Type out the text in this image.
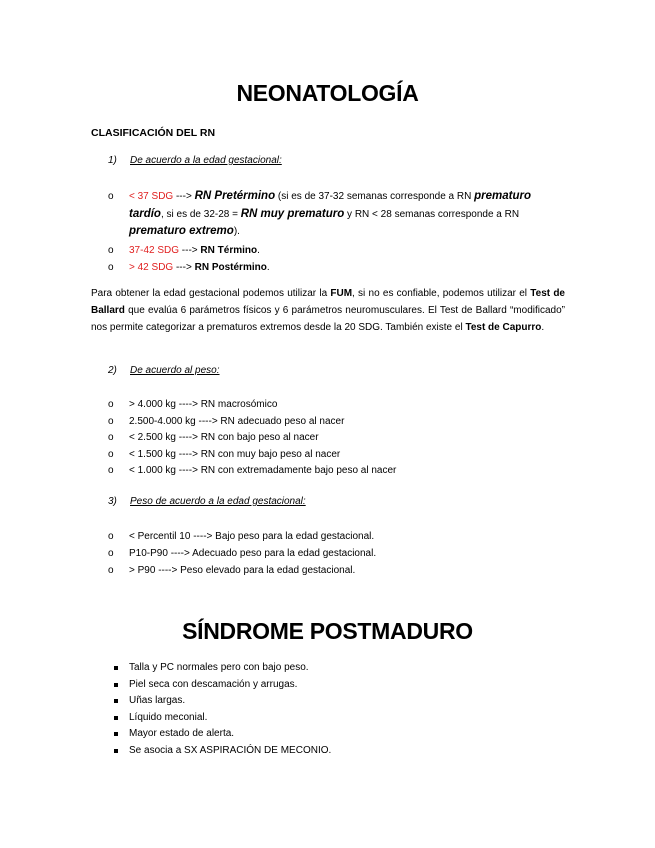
NEONATOLOGÍA
CLASIFICACIÓN DEL RN
1) De acuerdo a la edad gestacional:
o	< 37 SDG ---> RN Pretérmino (si es de 37-32 semanas corresponde a RN prematuro tardío, si es de 32-28 = RN muy prematuro y RN < 28 semanas corresponde a RN prematuro extremo).
o	37-42 SDG ---> RN Término.
o	> 42 SDG ---> RN Postérmino.

Para obtener la edad gestacional podemos utilizar la FUM, si no es confiable, podemos utilizar el Test de Ballard que evalúa 6 parámetros físicos y 6 parámetros neuromusculares. El Test de Ballard “modificado” nos permite categorizar a prematuros extremos desde la 20 SDG. También existe el Test de Capurro.

2) De acuerdo al peso:
o	> 4.000 kg ----> RN macrosómico
o	2.500-4.000 kg ----> RN adecuado peso al nacer
o	< 2.500 kg ----> RN con bajo peso al nacer
o	< 1.500 kg ----> RN con muy bajo peso al nacer
o	< 1.000 kg ----> RN con extremadamente bajo peso al nacer
3) Peso de acuerdo a la edad gestacional:
o	< Percentil 10 ----> Bajo peso para la edad gestacional.
o	P10-P90 ----> Adecuado peso para la edad gestacional.
o	> P90 ----> Peso elevado para la edad gestacional.
SÍNDROME POSTMADURO
Talla y PC normales pero con bajo peso.
Piel seca con descamación y arrugas.
Uñas largas.
Líquido meconial.
Mayor estado de alerta.
Se asocia a SX ASPIRACIÓN DE MECONIO.
